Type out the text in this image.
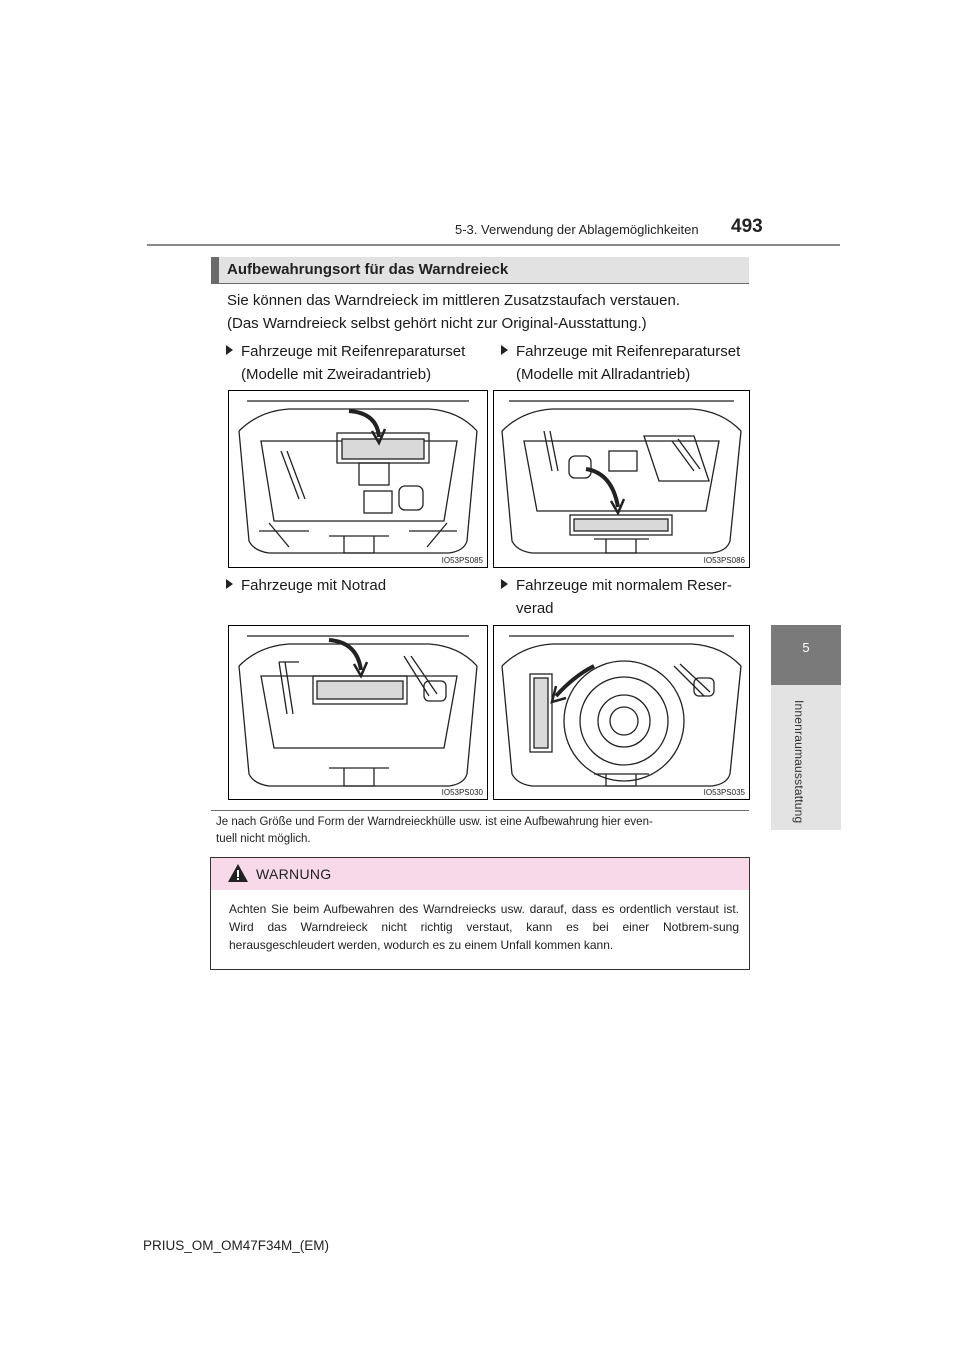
5-3. Verwendung der Ablagemöglichkeiten 493
5
Innenraumausstattung
Aufbewahrungsort für das Warndreieck
Sie können das Warndreieck im mittleren Zusatzstaufach verstauen.
(Das Warndreieck selbst gehört nicht zur Original-Ausstattung.)
Fahrzeuge mit Reifenreparaturset
(Modelle mit Zweiradantrieb)
Fahrzeuge mit Reifenreparaturset
(Modelle mit Allradantrieb)
Fahrzeuge mit Notrad	Fahrzeuge mit normalem Reser-
verad
IO53PS085	IO53PS086
IO53PS030	IO53PS035
Je nach Größe und Form der Warndreieckhülle usw. ist eine Aufbewahrung hier even-
tuell nicht möglich.
WARNUNG
Achten Sie beim Aufbewahren des Warndreiecks usw. darauf, dass es ordentlich verstaut ist. Wird das Warndreieck nicht richtig verstaut, kann es bei einer Notbrem-sung herausgeschleudert werden, wodurch es zu einem Unfall kommen kann.
PRIUS_OM_OM47F34M_(EM)
